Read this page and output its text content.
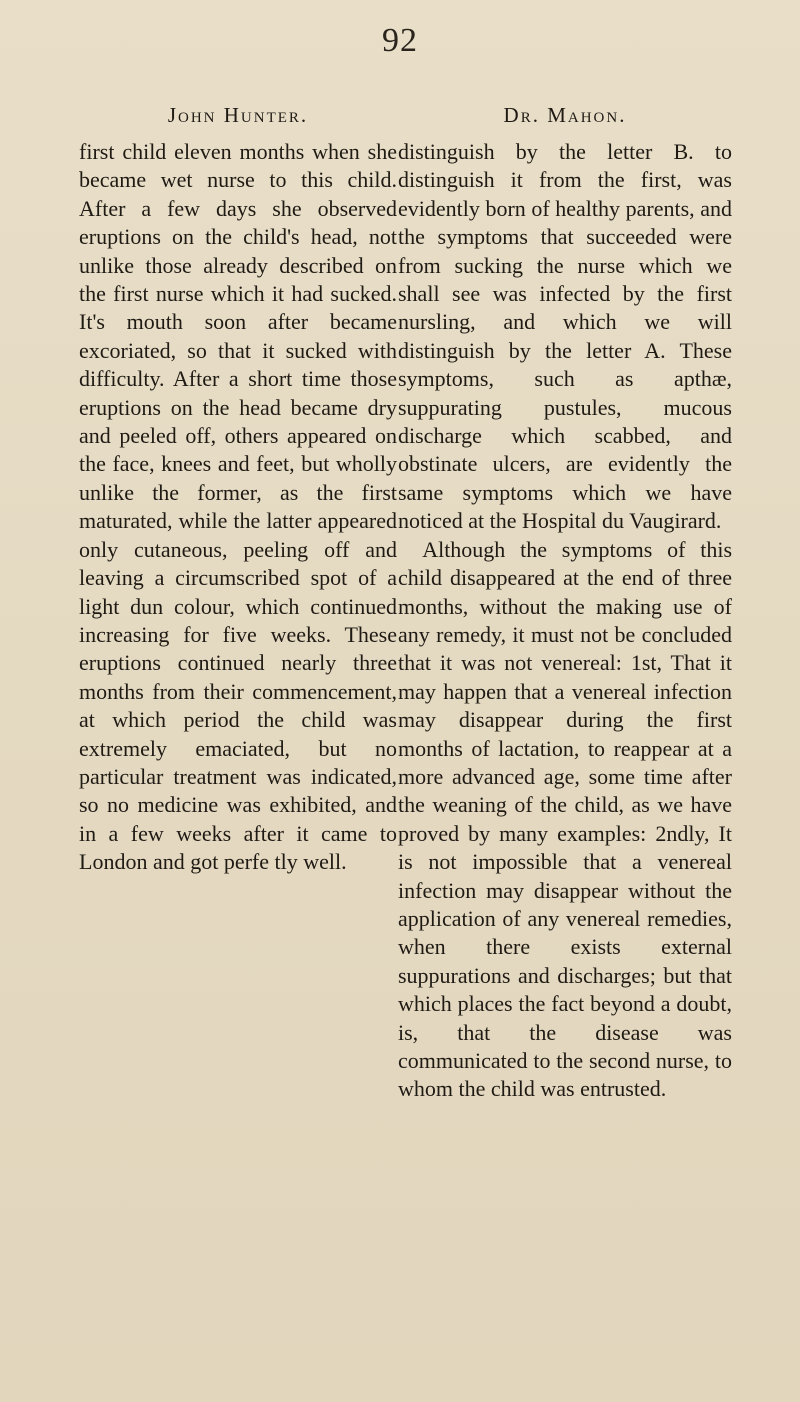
92
John Hunter.

first child eleven months when she became wet nurse to this child. After a few days she observed eruptions on the child's head, not unlike those already described on the first nurse which it had sucked. It's mouth soon after became excoriated, so that it sucked with difficulty. After a short time those eruptions on the head became dry and peeled off, others appeared on the face, knees and feet, but wholly unlike the former, as the first maturated, while the latter appeared only cutaneous, peeling off and leaving a circumscribed spot of a light dun colour, which continued increasing for five weeks. These eruptions continued nearly three months from their commencement, at which period the child was extremely emaciated, but no particular treatment was indicated, so no medicine was exhibited, and in a few weeks after it came to London and got perfe tly well.

Dr. Mahon.

distinguish by the letter B. to distinguish it from the first, was evidently born of healthy parents, and the symptoms that succeeded were from sucking the nurse which we shall see was infected by the first nursling, and which we will distinguish by the letter A. These symptoms, such as apthæ, suppurating pustules, mucous discharge which scabbed, and obstinate ulcers, are evidently the same symptoms which we have noticed at the Hospital du Vaugirard.

Although the symptoms of this child disappeared at the end of three months, without the making use of any remedy, it must not be concluded that it was not venereal: 1st, That it may happen that a venereal infection may disappear during the first months of lactation, to reappear at a more advanced age, some time after the weaning of the child, as we have proved by many examples: 2ndly, It is not impossible that a venereal infection may disappear without the application of any venereal remedies, when there exists external suppurations and discharges; but that which places the fact beyond a doubt, is, that the disease was communicated to the second nurse, to whom the child was entrusted.
